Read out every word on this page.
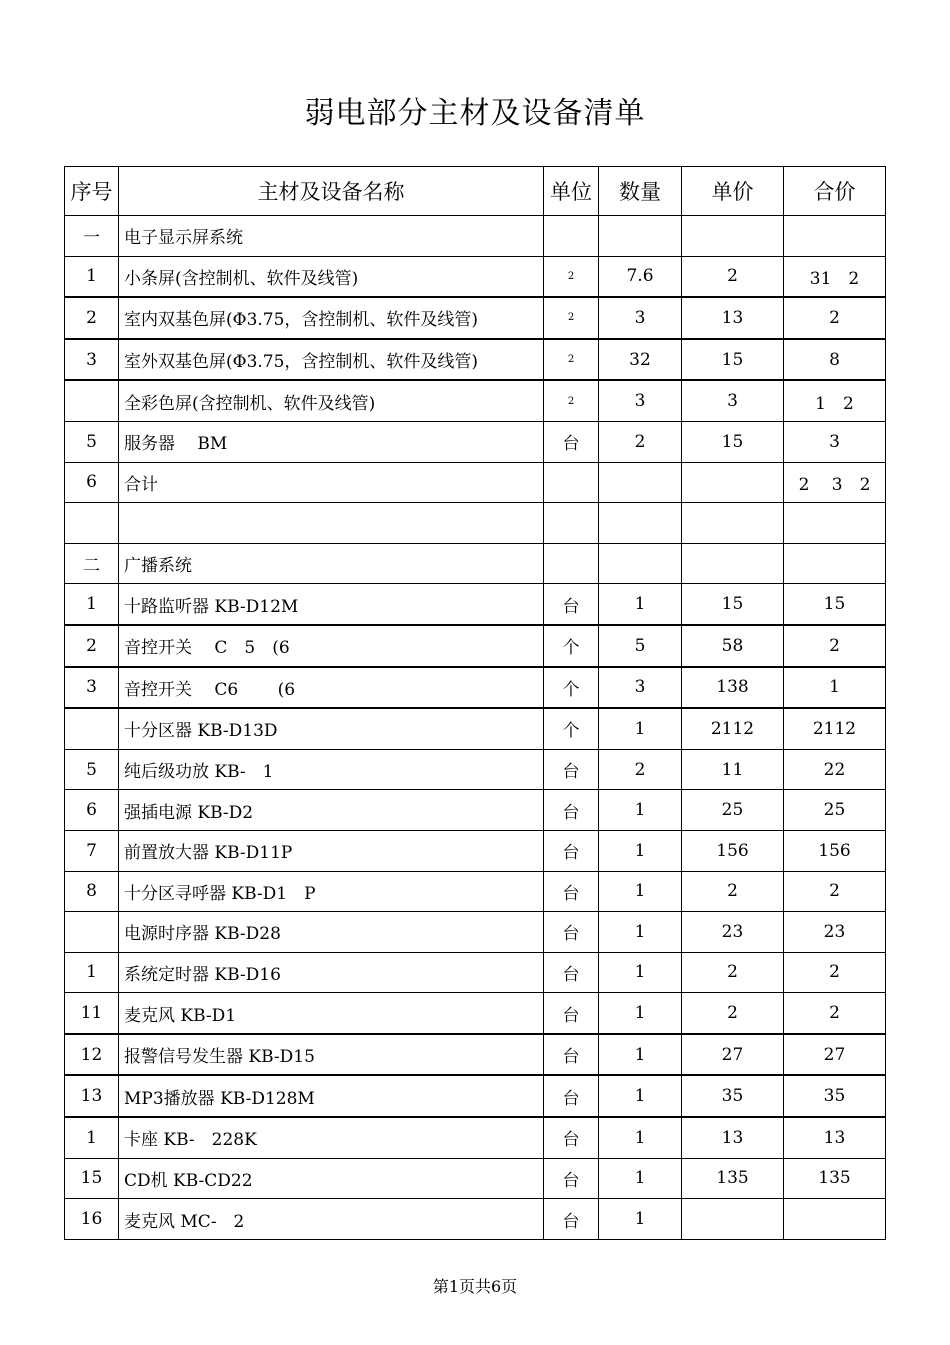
弱电部分主材及设备清单
序号	主材及设备名称	单位	数量	单价	合价
一	电子显示屏系统				
1	小条屏(含控制机、软件及线管)	2	7.6	2	31　2
2	室内双基色屏(Φ3.75，含控制机、软件及线管)	2	3	13	2
3	室外双基色屏(Φ3.75，含控制机、软件及线管)	2	32	15	8
	全彩色屏(含控制机、软件及线管)	2	3	3	1　2
5	服务器　 BM	台	2	15	3
6	合计				2　 3　2

二	广播系统				
1	十路监听器 KB-D12M	台	1	15	15
2	音控开关　 C　5　(6	个	5	58	2
3	音控开关　 C6　　 (6	个	3	138	1
	十分区器 KB-D13D	个	1	2112	2112
5	纯后级功放 KB-　1	台	2	11	22
6	强插电源 KB-D2	台	1	25	25
7	前置放大器 KB-D11P	台	1	156	156
8	十分区寻呼器 KB-D1　P	台	1	2	2
	电源时序器 KB-D28	台	1	23	23
1	系统定时器 KB-D16	台	1	2	2
11	麦克风 KB-D1	台	1	2	2
12	报警信号发生器 KB-D15	台	1	27	27
13	MP3播放器 KB-D128M	台	1	35	35
1	卡座 KB-　228K	台	1	13	13
15	CD机 KB-CD22	台	1	135	135
16	麦克风 MC-　2	台	1		
第1页共6页
